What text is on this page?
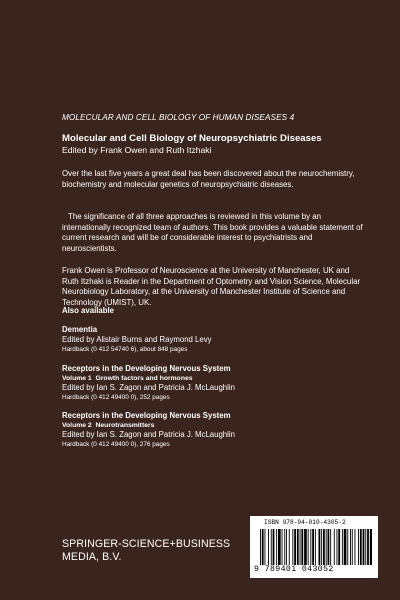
MOLECULAR AND CELL BIOLOGY OF HUMAN DISEASES 4
Molecular and Cell Biology of Neuropsychiatric Diseases
Edited by Frank Owen and Ruth Itzhaki

Over the last five years a great deal has been discovered about the neurochemistry, biochemistry and molecular genetics of neuropsychiatric diseases.

The significance of all three approaches is reviewed in this volume by an internationally recognized team of authors. This book provides a valuable statement of current research and will be of considerable interest to psychiatrists and neuroscientists.

Frank Owen is Professor of Neuroscience at the University of Manchester, UK and Ruth Itzhaki is Reader in the Department of Optometry and Vision Science, Molecular Neurobiology Laboratory, at the University of Manchester Institute of Science and Technology (UMIST), UK.

Also available
Dementia
Edited by Alistair Burns and Raymond Levy
Hardback (0 412 54740 6), about 848 pages
Receptors in the Developing Nervous System
Volume 1  Growth factors and hormones
Edited by Ian S. Zagon and Patricia J. McLaughlin
Hardback (0 412 49400 0), 252 pages
Receptors in the Developing Nervous System
Volume 2  Neurotransmitters
Edited by Ian S. Zagon and Patricia J. McLaughlin
Hardback (0 412 49400 0), 276 pages
SPRINGER-SCIENCE+BUSINESS
MEDIA, B.V.
ISBN 978-94-010-4305-2
9 789401 043052
